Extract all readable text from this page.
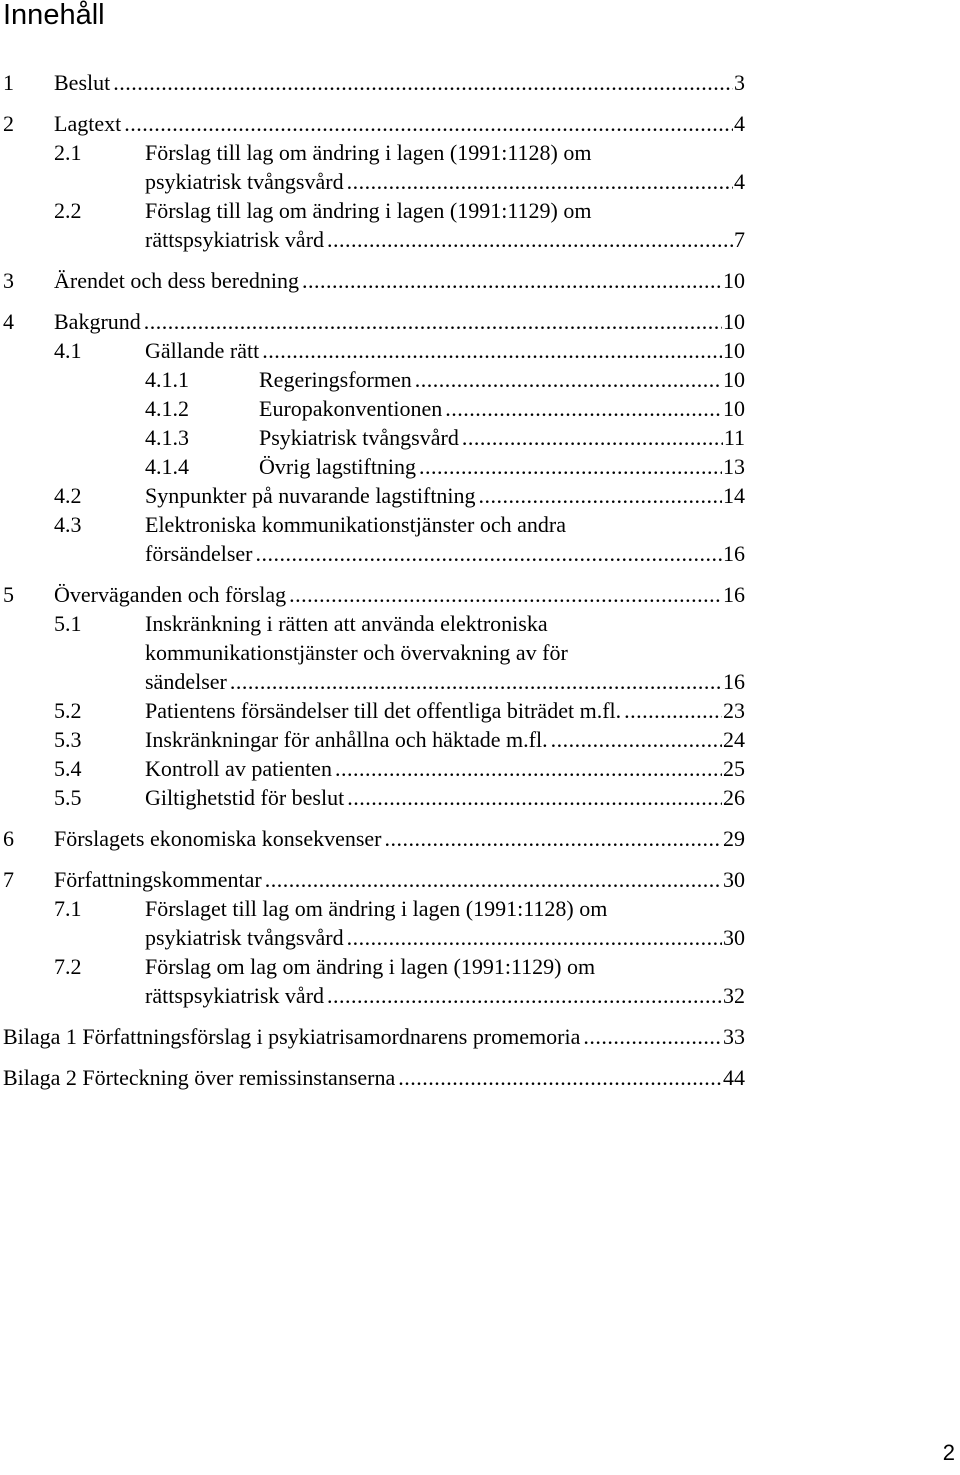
Innehåll
1 Beslut .....	3
2 Lagtext .....	4
2.1	Förslag till lag om ändring i lagen (1991:1128) om
psykiatrisk tvångsvård .....	4
2.2	Förslag till lag om ändring i lagen (1991:1129) om
rättspsykiatrisk vård .....	7
3 Ärendet och dess beredning .....	10
4 Bakgrund .....	10
4.1	Gällande rätt .....	10
4.1.1	Regeringsformen .....	10
4.1.2	Europakonventionen .....	10
4.1.3	Psykiatrisk tvångsvård .....	11
4.1.4	Övrig lagstiftning .....	13
4.2	Synpunkter på nuvarande lagstiftning .....	14
4.3	Elektroniska kommunikationstjänster och andra
försändelser .....	16
5 Överväganden och förslag .....	16
5.1	Inskränkning i rätten att använda elektroniska
kommunikationstjänster och övervakning av för
sändelser .....	16
5.2	Patientens försändelser till det offentliga biträdet m.fl. .....	23
5.3	Inskränkningar för anhållna och häktade m.fl. .....	24
5.4	Kontroll av patienten .....	25
5.5	Giltighetstid för beslut .....	26
6 Förslagets ekonomiska konsekvenser .....	29
7 Författningskommentar .....	30
7.1	Förslaget till lag om ändring i lagen (1991:1128) om
psykiatrisk tvångsvård .....	30
7.2	Förslag om lag om ändring i lagen (1991:1129) om
rättspsykiatrisk vård .....	32
Bilaga 1 Författningsförslag i psykiatrisamordnarens promemoria .....	33
Bilaga 2 Förteckning över remissinstanserna .....	44
2
